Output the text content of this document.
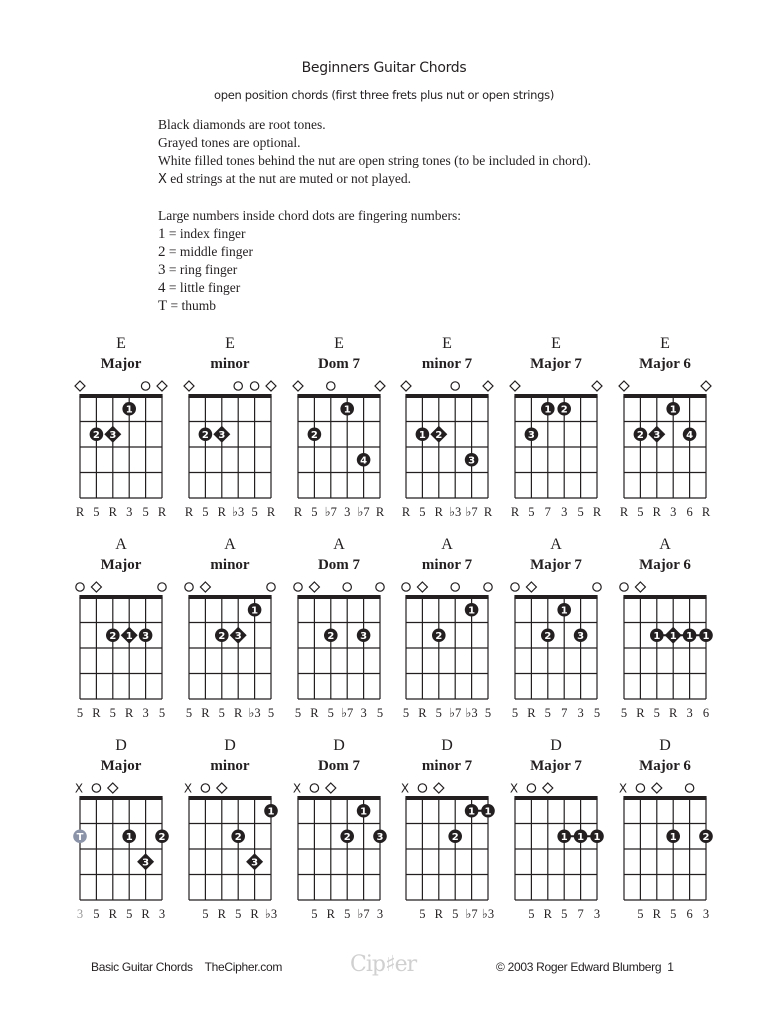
Beginners Guitar Chords
open position chords (first three frets plus nut or open strings)
Black diamonds are root tones.
Grayed tones are optional.
White filled tones behind the nut are open string tones (to be included in chord).
X ed strings at the nut are muted or not played.
Large numbers inside chord dots are fingering numbers:
1 = index finger
2 = middle finger
3 = ring finger
4 = little finger
T = thumb
E
Major
E
minor
E
Dom 7
E
minor 7
E
Major 7
E
Major 6
A
Major
A
minor
A
Dom 7
A
minor 7
A
Major 7
A
Major 6
D
Major
D
minor
D
Dom 7
D
minor 7
D
Major 7
D
Major 6
1
2 3
R 5 R 3 5 R
2 3
R 5 R ♭3 5 R
1
2
4
R 5 ♭7 3 ♭7 R
1 2
3
R 5 R ♭3 ♭7 R
1 2
3
R 5 7 3 5 R
1
2 3	4
R 5 R 3 6 R
2 1 3
5 R 5 R 3 5
1
2 3
5 R 5 R ♭3 5
2	3
5 R 5 ♭7 3 5
1
2
5 R 5 ♭7 ♭3 5
1
2	3
5 R 5 7 3 5
1 1 1 1
5 R 5 R 3 6
X
T	1	2
3
3 5 R 5 R 3
X
1
2
3
5 R 5 R ♭3
X
1
2	3
5 R 5 ♭7 3
X
1 1
2
5 R 5 ♭7 ♭3
X
1 1 1
5 R 5 7 3
X
1	2
5 R 5 6 3
Basic Guitar Chords TheCipher.com	Cip♯er	© 2003 Roger Edward Blumberg 1
